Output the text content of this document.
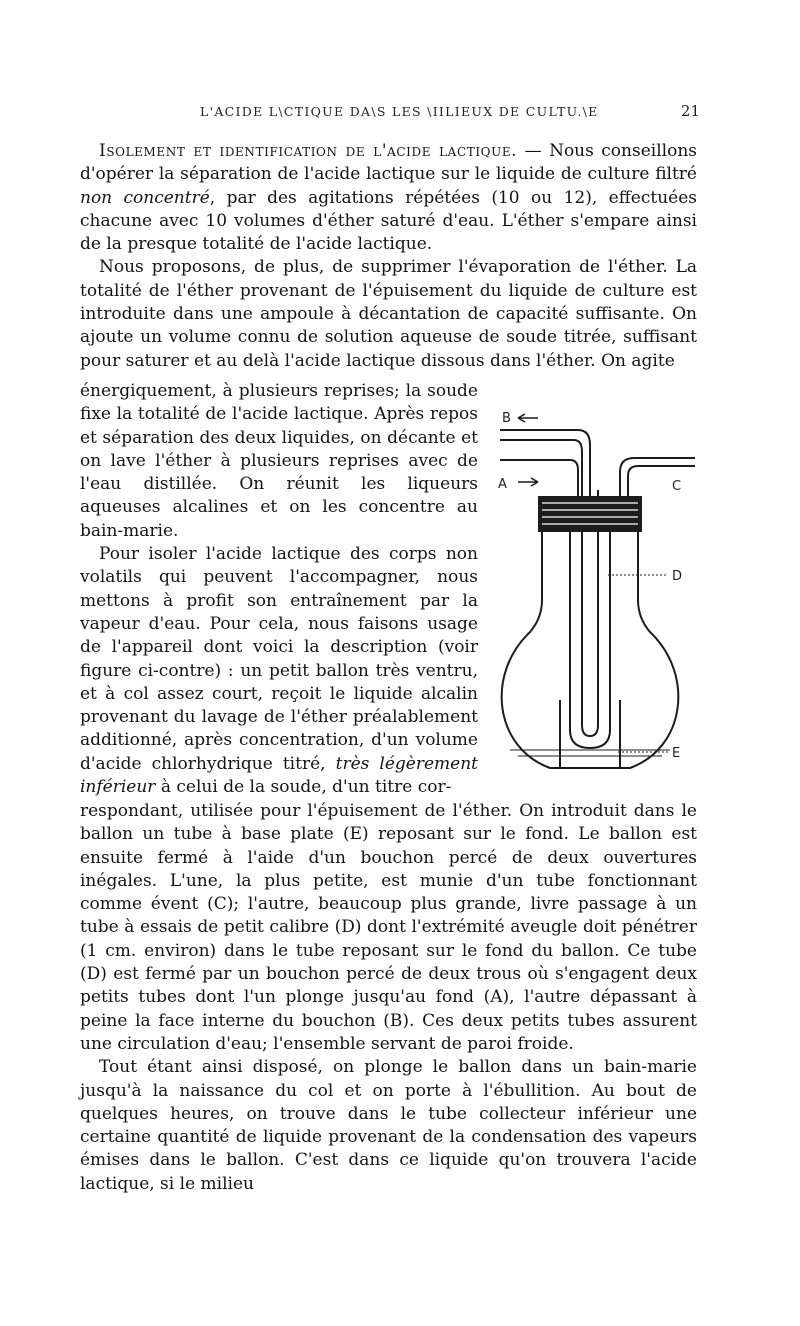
L'ACIDE L\CTIQUE DA\S LES \IILIEUX DE CULTU.\E	21

Isolement et identification de l'acide lactique. — Nous conseillons d'opérer la séparation de l'acide lactique sur le liquide de culture filtré non concentré, par des agitations répétées (10 ou 12), effectuées chacune avec 10 volumes d'éther saturé d'eau. L'éther s'empare ainsi de la presque totalité de l'acide lactique.

Nous proposons, de plus, de supprimer l'évaporation de l'éther. La totalité de l'éther provenant de l'épuisement du liquide de culture est introduite dans une ampoule à décantation de capacité suffisante. On ajoute un volume connu de solution aqueuse de soude titrée, suffisant pour saturer et au delà l'acide lactique dissous dans l'éther. On agite

énergiquement, à plusieurs reprises; la soude fixe la totalité de l'acide lactique. Après repos et séparation des deux liquides, on décante et on lave l'éther à plusieurs reprises avec de l'eau distillée. On réunit les liqueurs aqueuses alcalines et on les concentre au bain-marie.

Pour isoler l'acide lactique des corps non volatils qui peuvent l'accompagner, nous mettons à profit son entraînement par la vapeur d'eau. Pour cela, nous faisons usage de l'appareil dont voici la description (voir figure ci-contre) : un petit ballon très ventru, et à col assez court, reçoit le liquide alcalin provenant du lavage de l'éther préalablement additionné, après concentration, d'un volume d'acide chlorhydrique titré, très légèrement inférieur à celui de la soude, d'un titre cor-

respondant, utilisée pour l'épuisement de l'éther. On introduit dans le ballon un tube à base plate (E) reposant sur le fond. Le ballon est ensuite fermé à l'aide d'un bouchon percé de deux ouvertures inégales. L'une, la plus petite, est munie d'un tube fonctionnant comme évent (C); l'autre, beaucoup plus grande, livre passage à un tube à essais de petit calibre (D) dont l'extrémité aveugle doit pénétrer (1 cm. environ) dans le tube reposant sur le fond du ballon. Ce tube (D) est fermé par un bouchon percé de deux trous où s'engagent deux petits tubes dont l'un plonge jusqu'au fond (A), l'autre dépassant à peine la face interne du bouchon (B). Ces deux petits tubes assurent une circulation d'eau; l'ensemble servant de paroi froide.

Tout étant ainsi disposé, on plonge le ballon dans un bain-marie jusqu'à la naissance du col et on porte à l'ébullition. Au bout de quelques heures, on trouve dans le tube collecteur inférieur une certaine quantité de liquide provenant de la condensation des vapeurs émises dans le ballon. C'est dans ce liquide qu'on trouvera l'acide lactique, si le milieu

B
A	C
D
E
